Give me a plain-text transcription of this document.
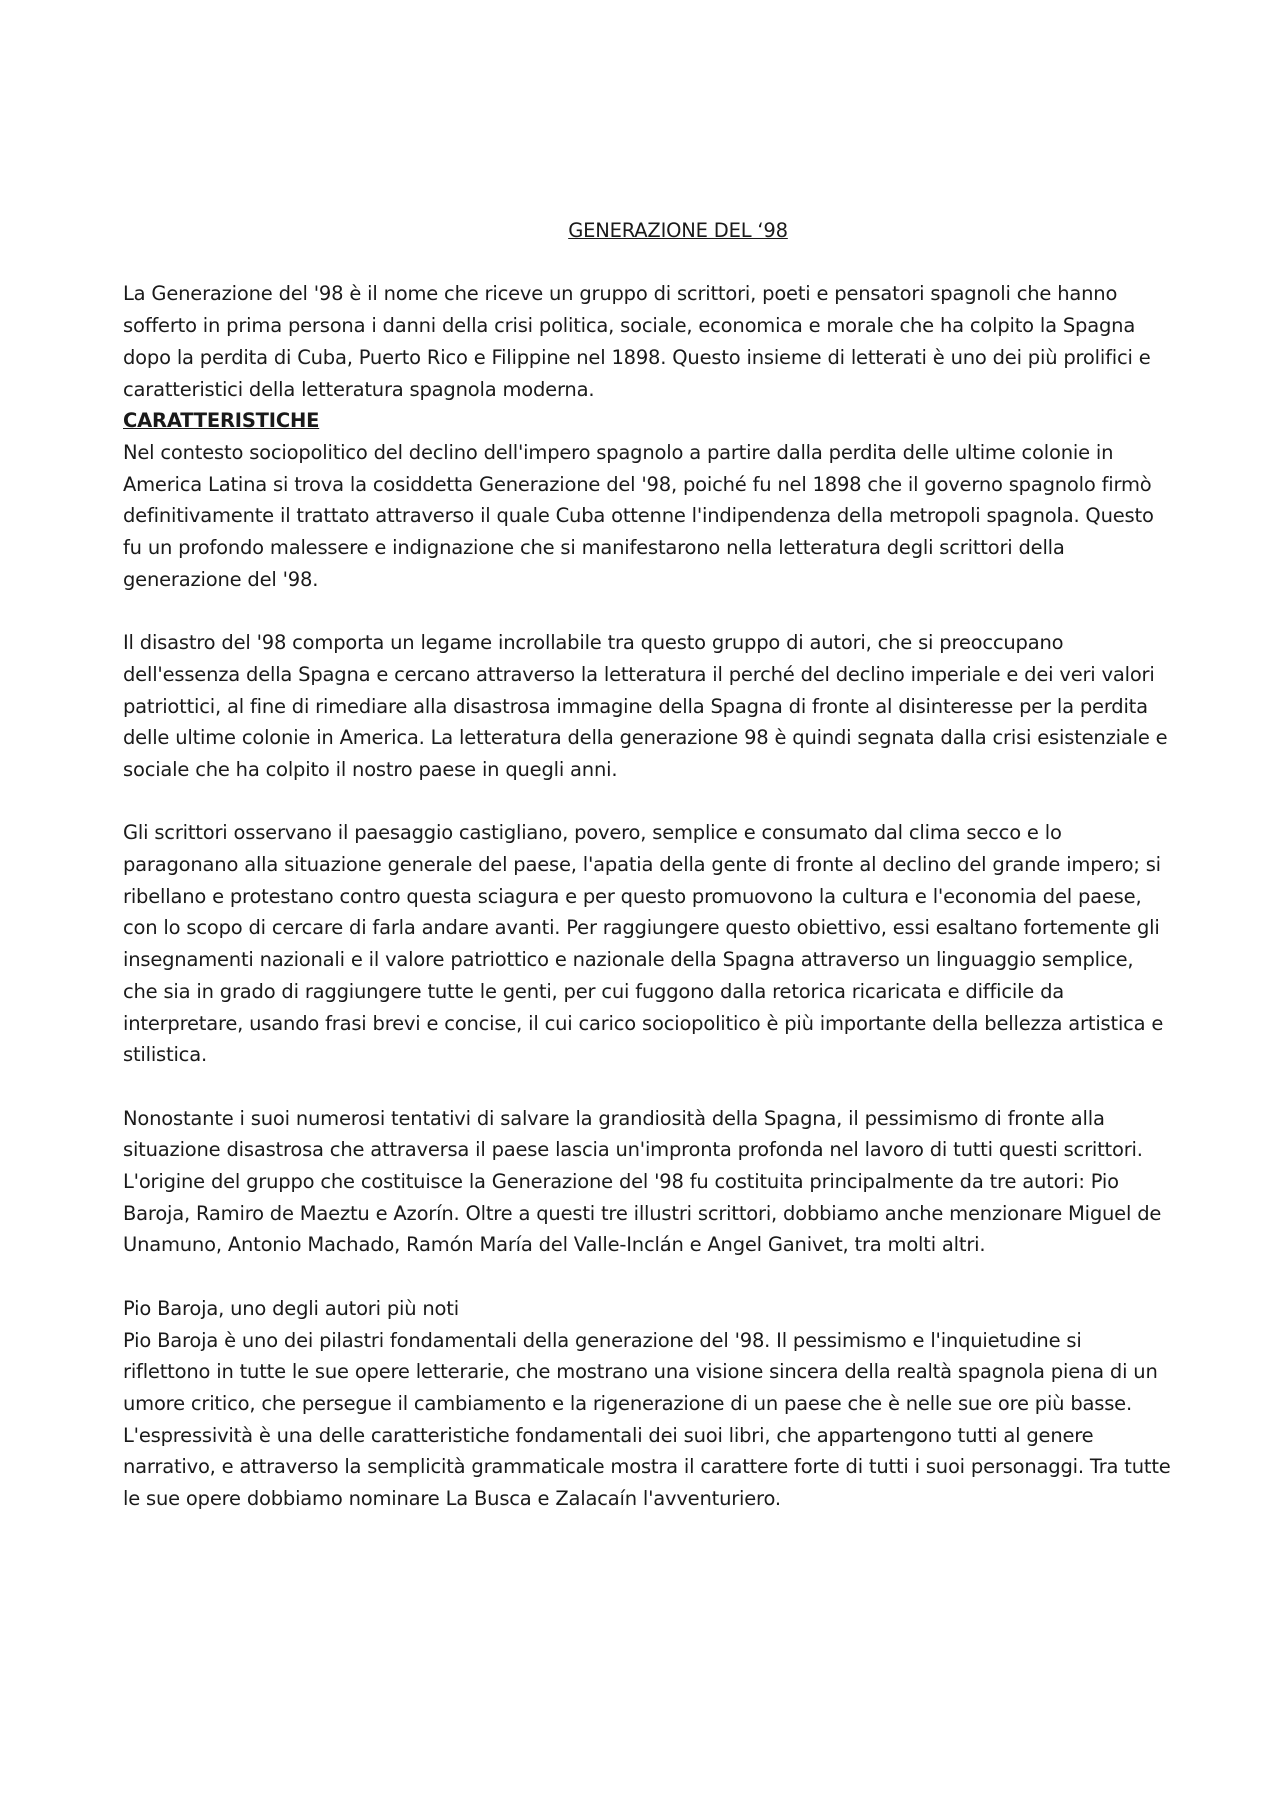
GENERAZIONE DEL ‘98

La Generazione del '98 è il nome che riceve un gruppo di scrittori, poeti e pensatori spagnoli che hanno sofferto in prima persona i danni della crisi politica, sociale, economica e morale che ha colpito la Spagna dopo la perdita di Cuba, Puerto Rico e Filippine nel 1898. Questo insieme di letterati è uno dei più prolifici e caratteristici della letteratura spagnola moderna.

CARATTERISTICHE

Nel contesto sociopolitico del declino dell'impero spagnolo a partire dalla perdita delle ultime colonie in America Latina si trova la cosiddetta Generazione del '98, poiché fu nel 1898 che il governo spagnolo firmò definitivamente il trattato attraverso il quale Cuba ottenne l'indipendenza della metropoli spagnola. Questo fu un profondo malessere e indignazione che si manifestarono nella letteratura degli scrittori della generazione del '98.

Il disastro del '98 comporta un legame incrollabile tra questo gruppo di autori, che si preoccupano dell'essenza della Spagna e cercano attraverso la letteratura il perché del declino imperiale e dei veri valori patriottici, al fine di rimediare alla disastrosa immagine della Spagna di fronte al disinteresse per la perdita delle ultime colonie in America. La letteratura della generazione 98 è quindi segnata dalla crisi esistenziale e sociale che ha colpito il nostro paese in quegli anni.

Gli scrittori osservano il paesaggio castigliano, povero, semplice e consumato dal clima secco e lo paragonano alla situazione generale del paese, l'apatia della gente di fronte al declino del grande impero; si ribellano e protestano contro questa sciagura e per questo promuovono la cultura e l'economia del paese, con lo scopo di cercare di farla andare avanti. Per raggiungere questo obiettivo, essi esaltano fortemente gli insegnamenti nazionali e il valore patriottico e nazionale della Spagna attraverso un linguaggio semplice, che sia in grado di raggiungere tutte le genti, per cui fuggono dalla retorica ricaricata e difficile da interpretare, usando frasi brevi e concise, il cui carico sociopolitico è più importante della bellezza artistica e stilistica.

Nonostante i suoi numerosi tentativi di salvare la grandiosità della Spagna, il pessimismo di fronte alla situazione disastrosa che attraversa il paese lascia un'impronta profonda nel lavoro di tutti questi scrittori.

L'origine del gruppo che costituisce la Generazione del '98 fu costituita principalmente da tre autori: Pio Baroja, Ramiro de Maeztu e Azorín. Oltre a questi tre illustri scrittori, dobbiamo anche menzionare Miguel de Unamuno, Antonio Machado, Ramón María del Valle-Inclán e Angel Ganivet, tra molti altri.

Pio Baroja, uno degli autori più noti

Pio Baroja è uno dei pilastri fondamentali della generazione del '98. Il pessimismo e l'inquietudine si riflettono in tutte le sue opere letterarie, che mostrano una visione sincera della realtà spagnola piena di un umore critico, che persegue il cambiamento e la rigenerazione di un paese che è nelle sue ore più basse.

L'espressività è una delle caratteristiche fondamentali dei suoi libri, che appartengono tutti al genere narrativo, e attraverso la semplicità grammaticale mostra il carattere forte di tutti i suoi personaggi. Tra tutte le sue opere dobbiamo nominare La Busca e Zalacaín l'avventuriero.
